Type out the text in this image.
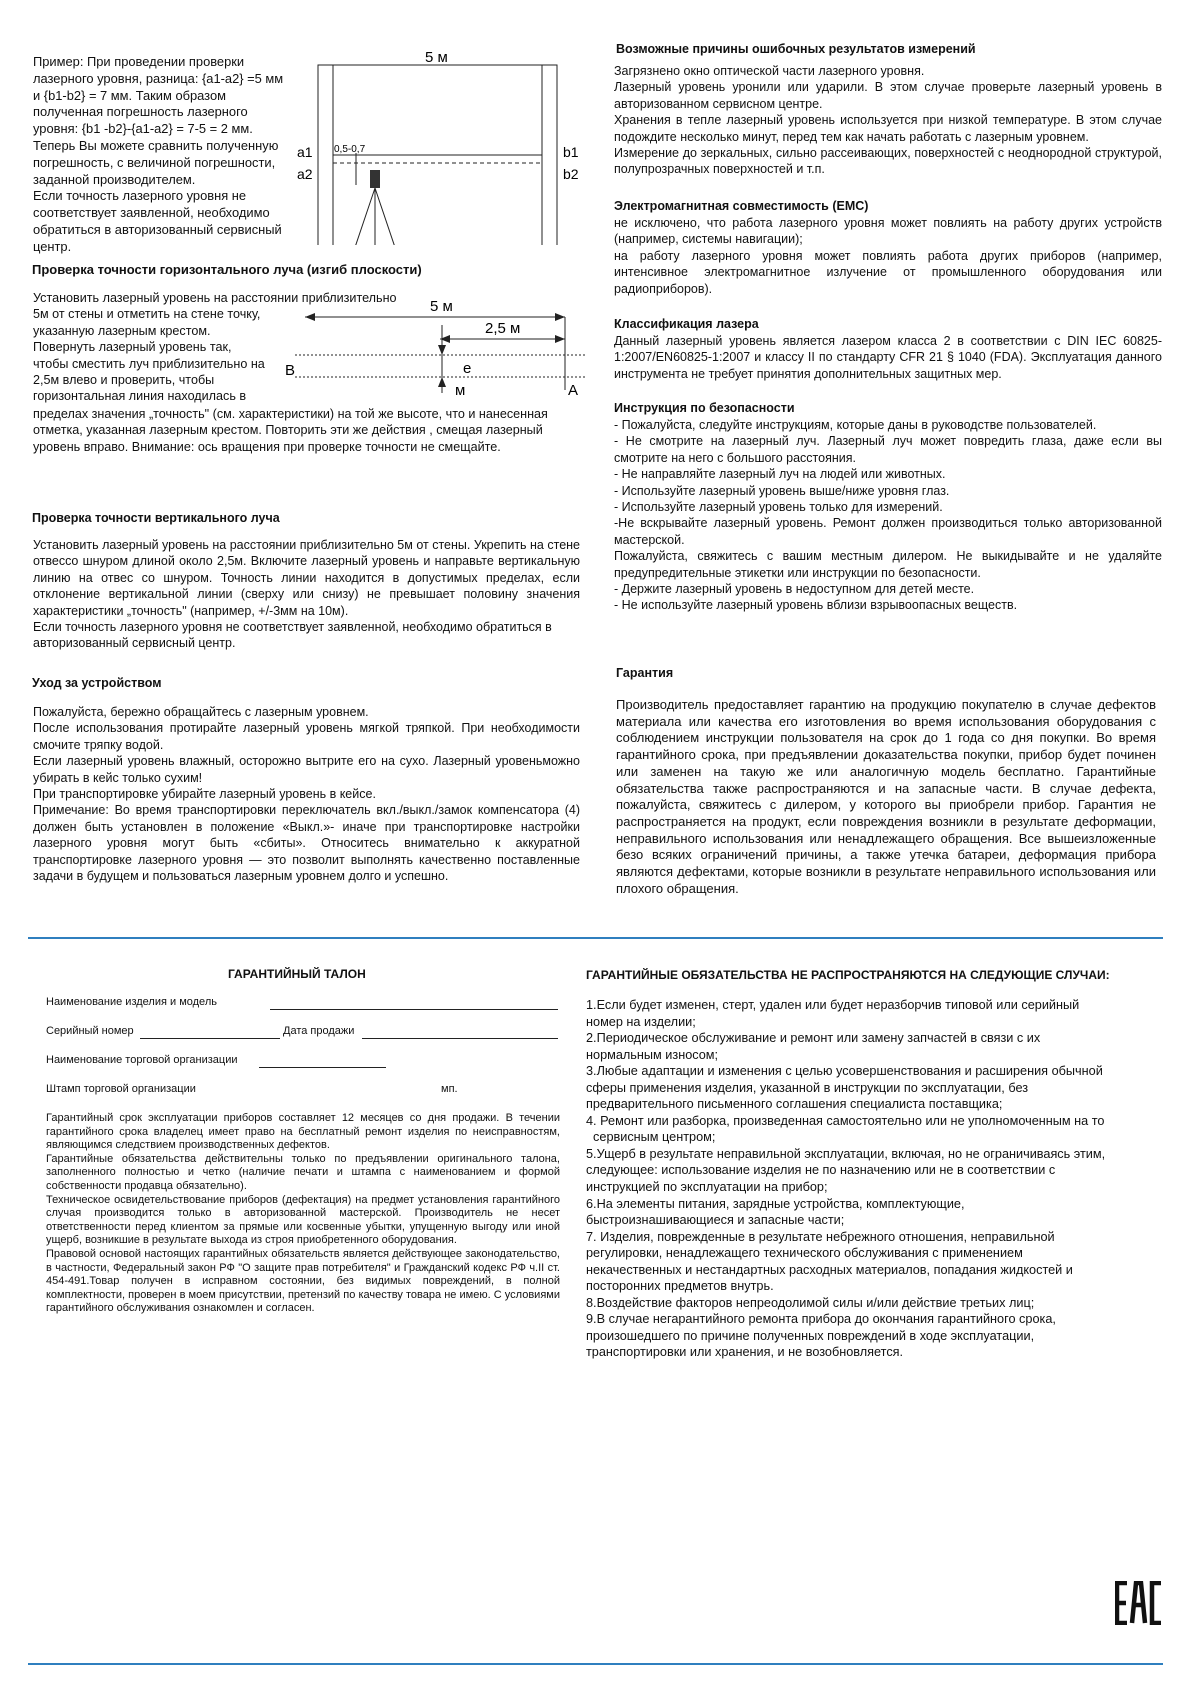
Пример: При проведении проверки

лазерного уровня, разница: {a1-a2} =5 мм

и {b1-b2} = 7 мм. Таким образом

полученная погрешность лазерного

уровня: {b1 -b2}-{a1-a2} = 7-5 = 2 мм.

Теперь Вы можете сравнить полученную

погрешность, с величиной погрешности,

заданной производителем.

Если точность лазерного уровня не

соответствует заявленной, необходимо

обратиться в авторизованный сервисный

центр.

5 м
0,5-0,7
a1
a2
b1
b2
Проверка точности горизонтального луча (изгиб плоскости)

Установить лазерный уровень на расстоянии приблизительно

5м от стены и отметить на стене точку,

указанную лазерным крестом.

Повернуть лазерный уровень так,

чтобы сместить луч приблизительно на

2,5м влево и проверить, чтобы

горизонтальная линия находилась в

пределах значения „точность" (см. характеристики) на той же высоте, что и нанесенная

отметка, указанная лазерным крестом. Повторить эти же действия , смещая лазерный

уровень вправо. Внимание: ось вращения при проверке точности не смещайте.

5 м
2,5 м
B
A
e
м
Проверка точности вертикального луча

Установить лазерный уровень на расстоянии приблизительно 5м от стены. Укрепить на стене отвесcо шнуром длиной около 2,5м. Включите лазерный уровень и направьте вертикальную линию на отвес со шнуром. Точность линии находится в допустимых пределах, если отклонение вертикальной линии (сверху или снизу) не превышает половину значения характеристики „точность" (например, +/-3мм на 10м).

Если точность лазерного уровня не соответствует заявленной, необходимо обратиться в авторизованный сервисный центр.

Уход за устройством

Пожалуйста, бережно обращайтесь с лазерным уровнем.

После использования протирайте лазерный уровень мягкой тряпкой. При необходимости смочите тряпку водой.

Если лазерный уровень влажный, осторожно вытрите его на сухо. Лазерный уровеньможно убирать в кейс только сухим!

При транспортировке убирайте лазерный уровень в кейсе.

Примечание: Во время транспортировки переключатель вкл./выкл./замок компенсатора (4) должен быть установлен в положение «Выкл.»- иначе при транспортировке настройки лазерного уровня могут быть «сбиты». Относитесь внимательно к аккуратной транспортировке лазерного уровня — это позволит выполнять качественно поставленные задачи в будущем и пользоваться лазерным уровнем долго и успешно.

Возможные причины ошибочных результатов измерений

Загрязнено окно оптической части лазерного уровня.

Лазерный уровень уронили или ударили. В этом случае проверьте лазерный уровень в авторизованном сервисном центре.

Хранения в тепле лазерный уровень используется при низкой температуре. В этом случае подождите несколько минут, перед тем как начать работать с лазерным уровнем.

Измерение до зеркальных, сильно рассеивающих, поверхностей с неоднородной структурой, полупрозрачных поверхностей и т.п.

Электромагнитная совместимость (EMC)

не исключено, что работа лазерного уровня может повлиять на работу других устройств (например, системы навигации);

на работу лазерного уровня может повлиять работа других приборов (например, интенсивное электромагнитное излучение от промышленного оборудования или радиоприборов).

Классификация лазера

Данный лазерный уровень является лазером класса 2 в соответствии с DIN IEC 60825-1:2007/EN60825-1:2007 и классу II по стандарту CFR 21 § 1040 (FDA). Эксплуатация данного инструмента не требует принятия дополнительных защитных мер.

Инструкция по безопасности

- Пожалуйста, следуйте инструкциям, которые даны в руководстве пользователей.

- Не смотрите на лазерный луч. Лазерный луч может повредить глаза, даже если вы смотрите на него с большого расстояния.

- Не направляйте лазерный луч на людей или животных.

- Используйте лазерный уровень выше/ниже уровня глаз.

- Используйте лазерный уровень только для измерений.

-Не вскрывайте лазерный уровень. Ремонт должен производиться только авторизованной мастерской.

Пожалуйста, свяжитесь с вашим местным дилером. Не выкидывайте и не удаляйте предупредительные этикетки или инструкции по безопасности.

- Держите лазерный уровень в недоступном для детей месте.

- Не используйте лазерный уровень вблизи взрывоопасных веществ.

Гарантия

Производитель предоставляет гарантию на продукцию покупателю в случае дефектов материала или качества его изготовления во время использования оборудования с соблюдением инструкции пользователя на срок до 1 года со дня покупки. Во время гарантийного срока, при предъявлении доказательства покупки, прибор будет починен или заменен на такую же или аналогичную модель бесплатно. Гарантийные обязательства также распространяются и на запасные части. В случае дефекта, пожалуйста, свяжитесь с дилером, у которого вы приобрели прибор. Гарантия не распространяется на продукт, если повреждения возникли в результате деформации, неправильного использования или ненадлежащего обращения. Все вышеизложенные безо всяких ограничений причины, а также утечка батареи, деформация прибора являются дефектами, которые возникли в результате неправильного использования или плохого обращения.

ГАРАНТИЙНЫЙ ТАЛОН
Наименование изделия и модель
Серийный номер	Дата продажи
Наименование торговой организации
Штамп торговой организации	мп.

Гарантийный срок эксплуатации приборов составляет 12 месяцев со дня продажи. В течении гарантийного срока владелец имеет право на бесплатный ремонт изделия по неисправностям, являющимся следствием производственных дефектов.

Гарантийные обязательства действительны только по предъявлении оригинального талона, заполненного полностью и четко (наличие печати и штампа с наименованием и формой собственности продавца обязательно).

Техническое освидетельствование приборов (дефектация) на предмет установления гарантийного случая производится только в авторизованной мастерской. Производитель не несет ответственности перед клиентом за прямые или косвенные убытки, упущенную выгоду или иной ущерб, возникшие в результате выхода из строя приобретенного оборудования.

Правовой основой настоящих гарантийных обязательств является действующее законодательство, в частности, Федеральный закон РФ "О защите прав потребителя" и Гражданский кодекс РФ ч.II ст. 454-491.Товар получен в исправном состоянии, без видимых повреждений, в полной комплектности, проверен в моем присутствии, претензий по качеству товара не имею. С условиями гарантийного обслуживания ознакомлен и согласен.

ГАРАНТИЙНЫЕ ОБЯЗАТЕЛЬСТВА НЕ РАСПРОСТРАНЯЮТСЯ НА СЛЕДУЮЩИЕ СЛУЧАИ:

1.Если будет изменен, стерт, удален или будет неразборчив типовой или серийный

номер на изделии;

2.Периодическое обслуживание и ремонт или замену запчастей в связи с их

нормальным износом;

3.Любые адаптации и изменения с целью усовершенствования и расширения обычной

сферы применения изделия, указанной в инструкции по эксплуатации, без

предварительного письменного соглашения специалиста поставщика;

4. Ремонт или разборка, произведенная самостоятельно или не уполномоченным на то

сервисным центром;

5.Ущерб в результате неправильной эксплуатации, включая, но не ограничиваясь этим,

следующее: использование изделия не по назначению или не в соответствии с

инструкцией по эксплуатации на прибор;

6.На элементы питания, зарядные устройства, комплектующие,

быстроизнашивающиеся и запасные части;

7. Изделия, поврежденные в результате небрежного отношения, неправильной

регулировки, ненадлежащего технического обслуживания с применением

некачественных и нестандартных расходных материалов, попадания жидкостей и

посторонних предметов внутрь.

8.Воздействие факторов непреодолимой силы и/или действие третьих лиц;

9.В случае негарантийного ремонта прибора до окончания гарантийного срока,

произошедшего по причине полученных повреждений в ходе эксплуатации,

транспортировки или хранения, и не возобновляется.
